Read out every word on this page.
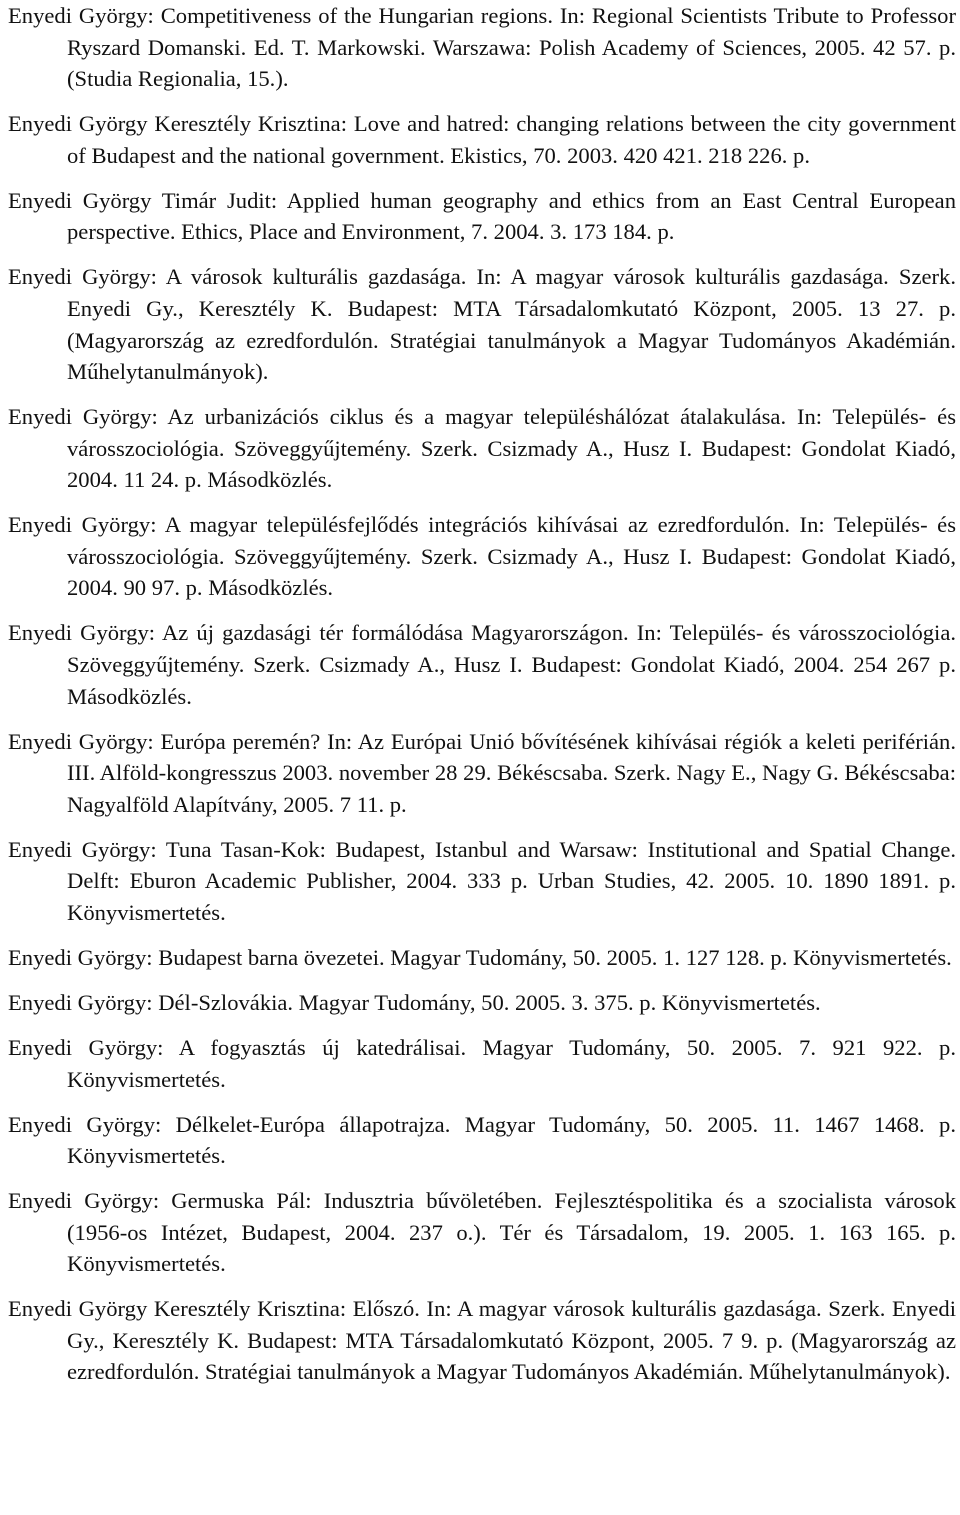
Enyedi György: Competitiveness of the Hungarian regions. In: Regional Scientists Tribute to Professor Ryszard Domanski. Ed. T. Markowski. Warszawa: Polish Academy of Sciences, 2005. 42 57. p. (Studia Regionalia, 15.).

Enyedi György Keresztély Krisztina: Love and hatred: changing relations between the city government of Budapest and the national government. Ekistics, 70. 2003. 420 421. 218 226. p.

Enyedi György Timár Judit: Applied human geography and ethics from an East Central European perspective. Ethics, Place and Environment, 7. 2004. 3. 173 184. p.

Enyedi György: A városok kulturális gazdasága. In: A magyar városok kulturális gazdasága. Szerk. Enyedi Gy., Keresztély K. Budapest: MTA Társadalomkutató Központ, 2005. 13 27. p. (Magyarország az ezredfordulón. Stratégiai tanulmányok a Magyar Tudományos Akadémián. Műhelytanulmányok).

Enyedi György: Az urbanizációs ciklus és a magyar településhálózat átalakulása. In: Település- és városszociológia. Szöveggyűjtemény. Szerk. Csizmady A., Husz I. Budapest: Gondolat Kiadó, 2004. 11 24. p. Másodközlés.

Enyedi György: A magyar településfejlődés integrációs kihívásai az ezredfordulón. In: Település- és városszociológia. Szöveggyűjtemény. Szerk. Csizmady A., Husz I. Budapest: Gondolat Kiadó, 2004. 90 97. p. Másodközlés.

Enyedi György: Az új gazdasági tér formálódása Magyarországon. In: Település- és városszociológia. Szöveggyűjtemény. Szerk. Csizmady A., Husz I. Budapest: Gondolat Kiadó, 2004. 254 267 p. Másodközlés.

Enyedi György: Európa peremén? In: Az Európai Unió bővítésének kihívásai régiók a keleti periférián. III. Alföld-kongresszus 2003. november 28 29. Békéscsaba. Szerk. Nagy E., Nagy G. Békéscsaba: Nagyalföld Alapítvány, 2005. 7 11. p.

Enyedi György: Tuna Tasan-Kok: Budapest, Istanbul and Warsaw: Institutional and Spatial Change. Delft: Eburon Academic Publisher, 2004. 333 p. Urban Studies, 42. 2005. 10. 1890 1891. p. Könyvismertetés.

Enyedi György: Budapest barna övezetei. Magyar Tudomány, 50. 2005. 1. 127 128. p. Könyvismertetés.

Enyedi György: Dél-Szlovákia. Magyar Tudomány, 50. 2005. 3. 375. p. Könyvismertetés.

Enyedi György: A fogyasztás új katedrálisai. Magyar Tudomány, 50. 2005. 7. 921 922. p. Könyvismertetés.

Enyedi György: Délkelet-Európa állapotrajza. Magyar Tudomány, 50. 2005. 11. 1467 1468. p. Könyvismertetés.

Enyedi György: Germuska Pál: Indusztria bűvöletében. Fejlesztéspolitika és a szocialista városok (1956-os Intézet, Budapest, 2004. 237 o.). Tér és Társadalom, 19. 2005. 1. 163 165. p. Könyvismertetés.

Enyedi György Keresztély Krisztina: Előszó. In: A magyar városok kulturális gazdasága. Szerk. Enyedi Gy., Keresztély K. Budapest: MTA Társadalomkutató Központ, 2005. 7 9. p. (Magyarország az ezredfordulón. Stratégiai tanulmányok a Magyar Tudományos Akadémián. Műhelytanulmányok).
